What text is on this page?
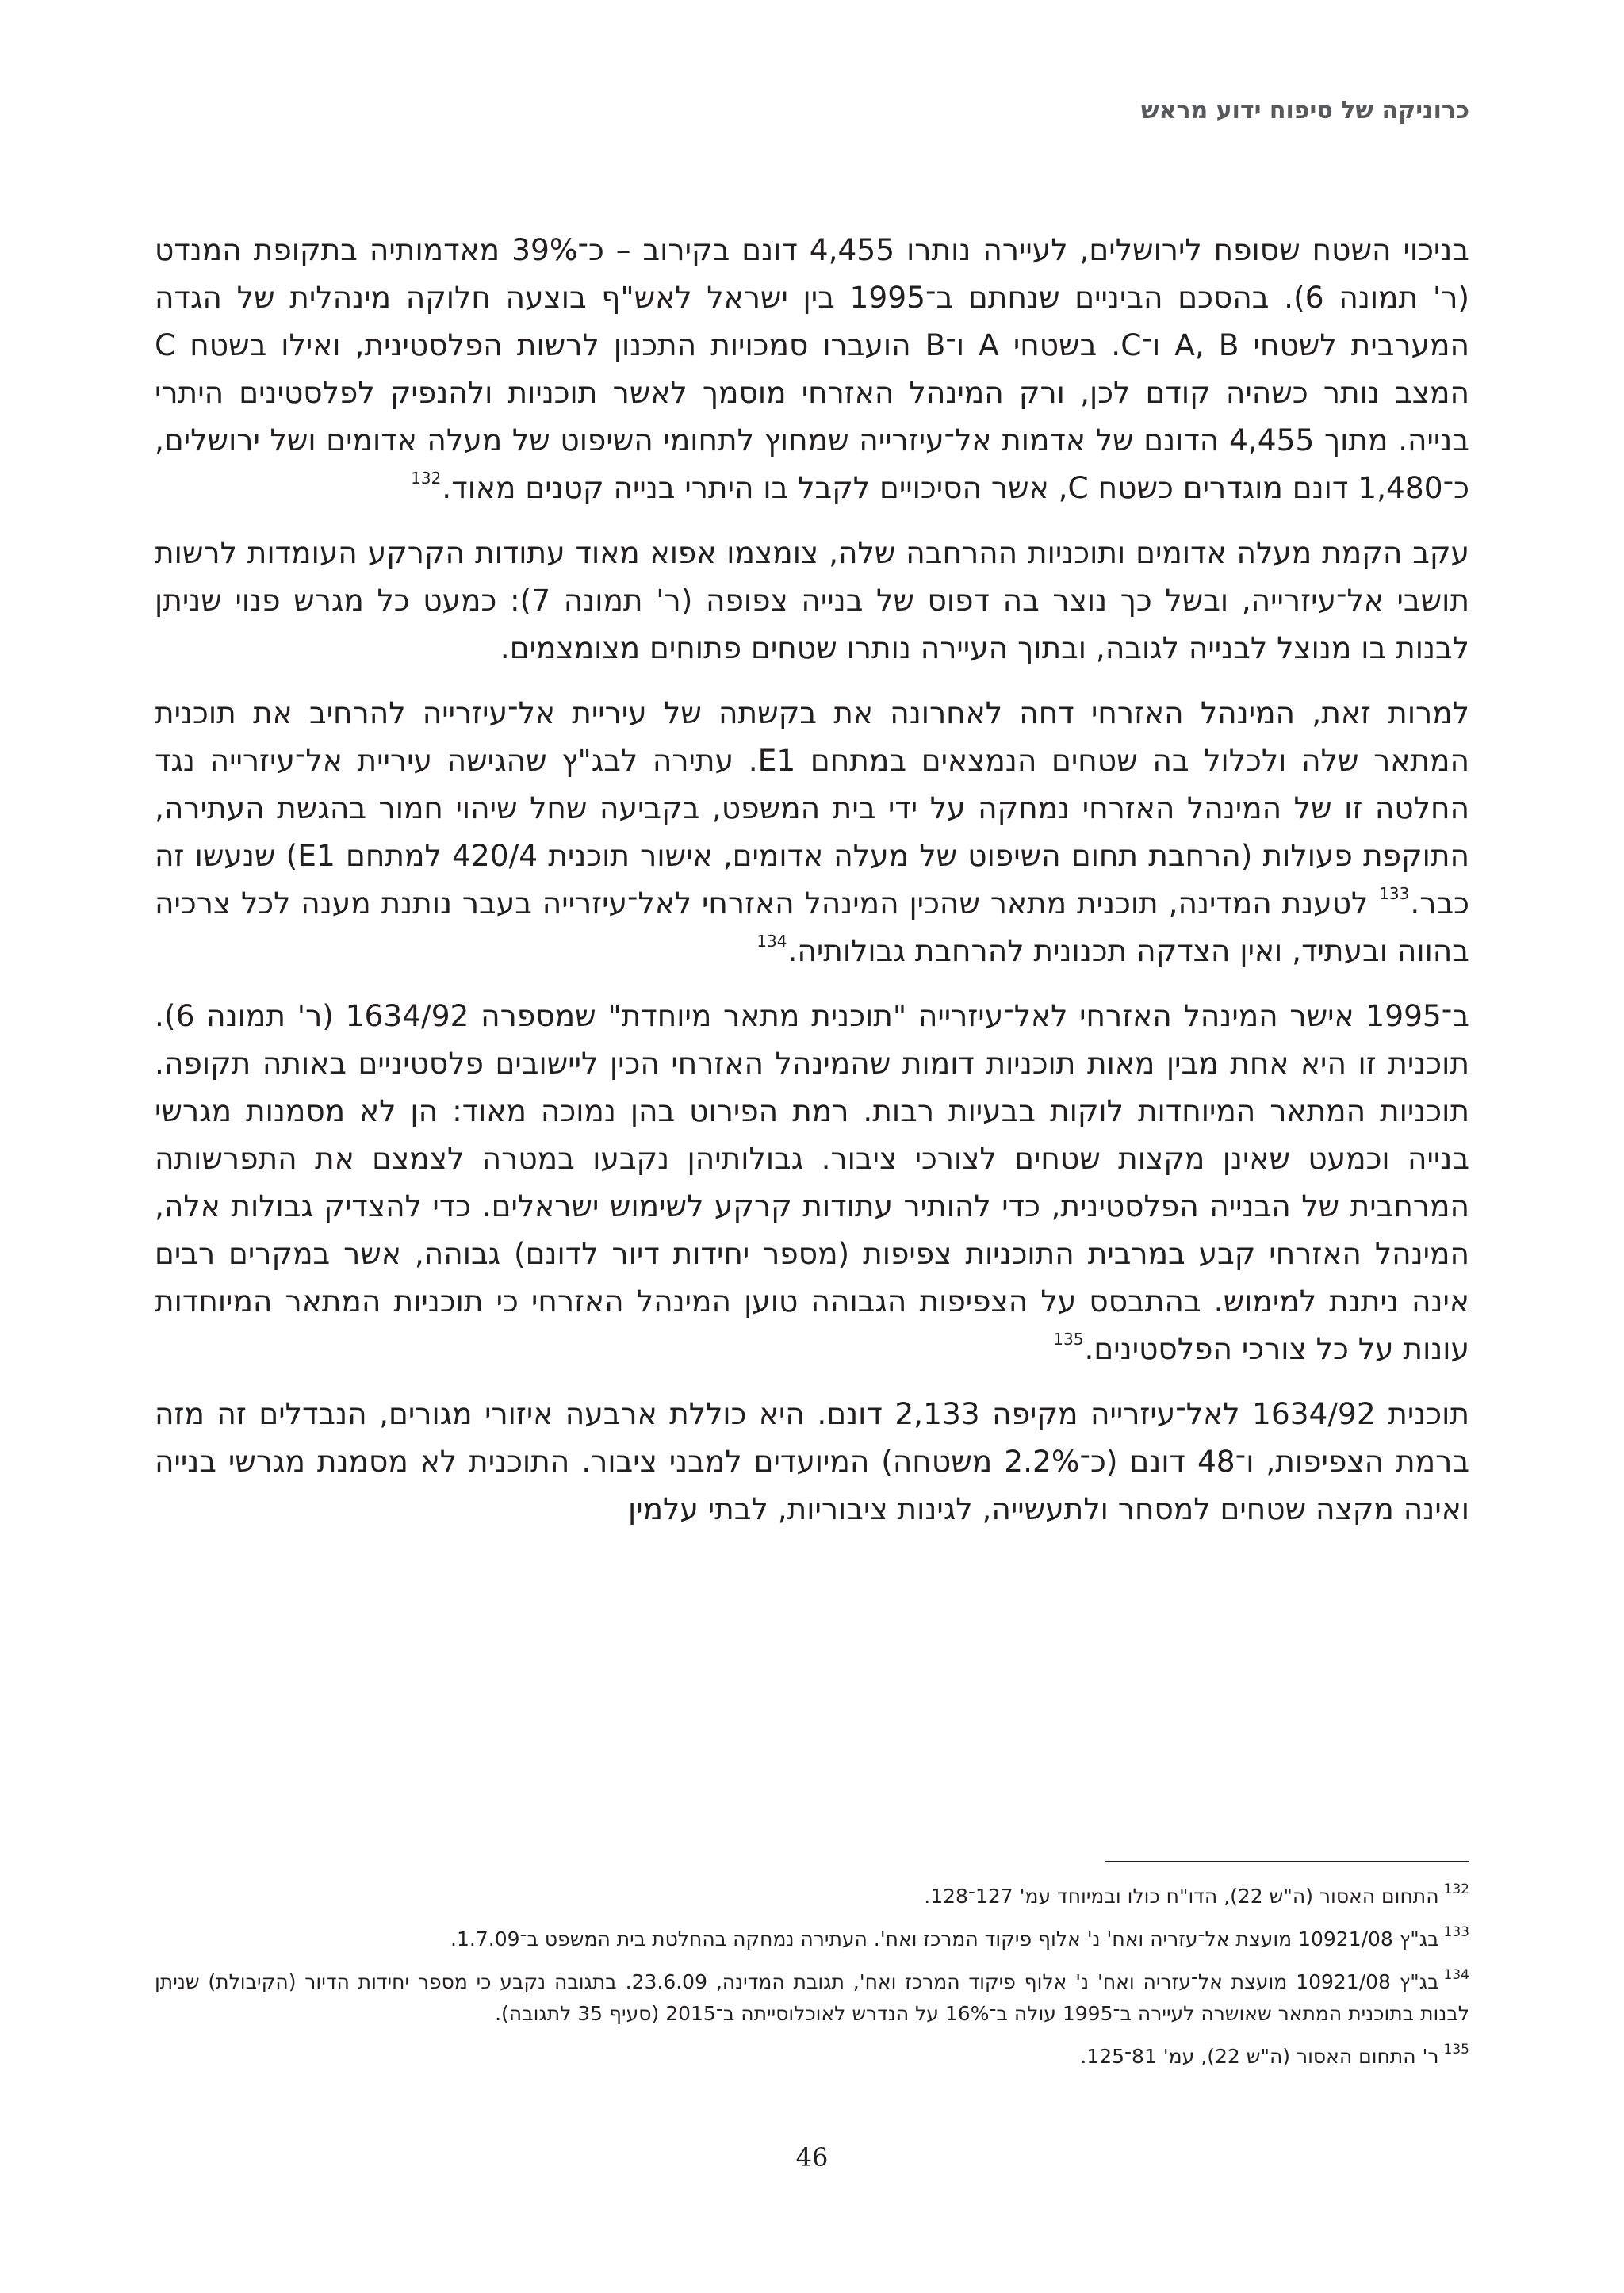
כרוניקה של סיפוח ידוע מראש

בניכוי השטח שסופח לירושלים, לעיירה נותרו 4,455 דונם בקירוב – כ־39% מאדמותיה בתקופת המנדט (ר' תמונה 6). בהסכם הביניים שנחתם ב־1995 בין ישראל לאש"ף בוצעה חלוקה מינהלית של הגדה המערבית לשטחי A, B ו־C. בשטחי A ו־B הועברו סמכויות התכנון לרשות הפלסטינית, ואילו בשטח C המצב נותר כשהיה קודם לכן, ורק המינהל האזרחי מוסמך לאשר תוכניות ולהנפיק לפלסטינים היתרי בנייה. מתוך 4,455 הדונם של אדמות אל־עיזרייה שמחוץ לתחומי השיפוט של מעלה אדומים ושל ירושלים, כ־1,480 דונם מוגדרים כשטח C, אשר הסיכויים לקבל בו היתרי בנייה קטנים מאוד.$^{132}$

עקב הקמת מעלה אדומים ותוכניות ההרחבה שלה, צומצמו אפוא מאוד עתודות הקרקע העומדות לרשות תושבי אל־עיזרייה, ובשל כך נוצר בה דפוס של בנייה צפופה (ר' תמונה 7): כמעט כל מגרש פנוי שניתן לבנות בו מנוצל לבנייה לגובה, ובתוך העיירה נותרו שטחים פתוחים מצומצמים.

למרות זאת, המינהל האזרחי דחה לאחרונה את בקשתה של עיריית אל־עיזרייה להרחיב את תוכנית המתאר שלה ולכלול בה שטחים הנמצאים במתחם E1. עתירה לבג"ץ שהגישה עיריית אל־עיזרייה נגד החלטה זו של המינהל האזרחי נמחקה על ידי בית המשפט, בקביעה שחל שיהוי חמור בהגשת העתירה, התוקפת פעולות (הרחבת תחום השיפוט של מעלה אדומים, אישור תוכנית 420/4 למתחם E1) שנעשו זה כבר.$^{133}$ לטענת המדינה, תוכנית מתאר שהכין המינהל האזרחי לאל־עיזרייה בעבר נותנת מענה לכל צרכיה בהווה ובעתיד, ואין הצדקה תכנונית להרחבת גבולותיה.$^{134}$

ב־1995 אישר המינהל האזרחי לאל־עיזרייה "תוכנית מתאר מיוחדת" שמספרה 1634/92 (ר' תמונה 6). תוכנית זו היא אחת מבין מאות תוכניות דומות שהמינהל האזרחי הכין ליישובים פלסטיניים באותה תקופה. תוכניות המתאר המיוחדות לוקות בבעיות רבות. רמת הפירוט בהן נמוכה מאוד: הן לא מסמנות מגרשי בנייה וכמעט שאינן מקצות שטחים לצורכי ציבור. גבולותיהן נקבעו במטרה לצמצם את התפרשותה המרחבית של הבנייה הפלסטינית, כדי להותיר עתודות קרקע לשימוש ישראלים. כדי להצדיק גבולות אלה, המינהל האזרחי קבע במרבית התוכניות צפיפות (מספר יחידות דיור לדונם) גבוהה, אשר במקרים רבים אינה ניתנת למימוש. בהתבסס על הצפיפות הגבוהה טוען המינהל האזרחי כי תוכניות המתאר המיוחדות עונות על כל צורכי הפלסטינים.$^{135}$

תוכנית 1634/92 לאל־עיזרייה מקיפה 2,133 דונם. היא כוללת ארבעה איזורי מגורים, הנבדלים זה מזה ברמת הצפיפות, ו־48 דונם (כ־2.2% משטחה) המיועדים למבני ציבור. התוכנית לא מסמנת מגרשי בנייה ואינה מקצה שטחים למסחר ולתעשייה, לגינות ציבוריות, לבתי עלמין

$^{132}$התחום האסור (ה"ש 22), הדו"ח כולו ובמיוחד עמ' 127־128.
$^{133}$בג"ץ 10921/08 מועצת אל־עזריה ואח' נ' אלוף פיקוד המרכז ואח'. העתירה נמחקה בהחלטת בית המשפט ב־1.7.09.
$^{134}$בג"ץ 10921/08 מועצת אל־עזריה ואח' נ' אלוף פיקוד המרכז ואח', תגובת המדינה, 23.6.09. בתגובה נקבע כי מספר יחידות הדיור (הקיבולת) שניתן לבנות בתוכנית המתאר שאושרה לעיירה ב־1995 עולה ב־16% על הנדרש לאוכלוסייתה ב־2015 (סעיף 35 לתגובה).
$^{135}$ר' התחום האסור (ה"ש 22), עמ' 81־125.
46
